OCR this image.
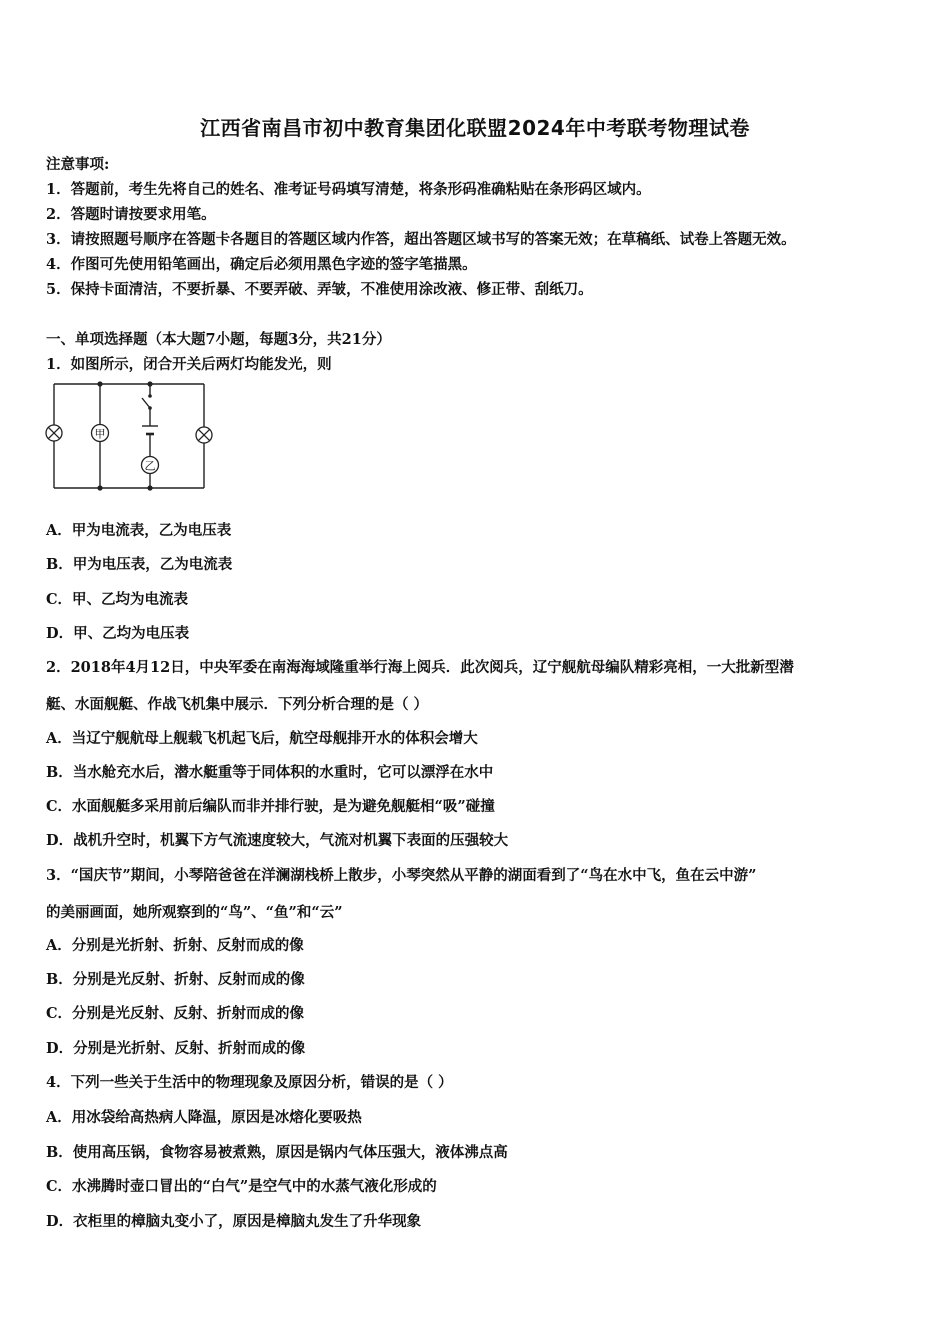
江西省南昌市初中教育集团化联盟2024年中考联考物理试卷
注意事项:
1．答题前，考生先将自己的姓名、准考证号码填写清楚，将条形码准确粘贴在条形码区域内。
2．答题时请按要求用笔。
3．请按照题号顺序在答题卡各题目的答题区域内作答，超出答题区域书写的答案无效；在草稿纸、试卷上答题无效。
4．作图可先使用铅笔画出，确定后必须用黑色字迹的签字笔描黑。
5．保持卡面清洁，不要折暴、不要弄破、弄皱，不准使用涂改液、修正带、刮纸刀。
一、单项选择题（本大题7小题，每题3分，共21分）
1．如图所示，闭合开关后两灯均能发光，则
甲
乙
A．甲为电流表，乙为电压表
B．甲为电压表，乙为电流表
C．甲、乙均为电流表
D．甲、乙均为电压表
2．2018年4月12日，中央军委在南海海域隆重举行海上阅兵．此次阅兵，辽宁舰航母编队精彩亮相，一大批新型潜
艇、水面舰艇、作战飞机集中展示．下列分析合理的是（ ）
A．当辽宁舰航母上舰载飞机起飞后，航空母舰排开水的体积会增大
B．当水舱充水后，潜水艇重等于同体积的水重时，它可以漂浮在水中
C．水面舰艇多采用前后编队而非并排行驶，是为避免舰艇相“吸”碰撞
D．战机升空时，机翼下方气流速度较大，气流对机翼下表面的压强较大
3．“国庆节”期间，小琴陪爸爸在洋澜湖栈桥上散步，小琴突然从平静的湖面看到了“鸟在水中飞，鱼在云中游”
的美丽画面，她所观察到的“鸟”、“鱼”和“云”
A．分别是光折射、折射、反射而成的像
B．分别是光反射、折射、反射而成的像
C．分别是光反射、反射、折射而成的像
D．分别是光折射、反射、折射而成的像
4．下列一些关于生活中的物理现象及原因分析，错误的是（ ）
A．用冰袋给高热病人降温，原因是冰熔化要吸热
B．使用高压锅，食物容易被煮熟，原因是锅内气体压强大，液体沸点高
C．水沸腾时壶口冒出的“白气”是空气中的水蒸气液化形成的
D．衣柜里的樟脑丸变小了，原因是樟脑丸发生了升华现象
